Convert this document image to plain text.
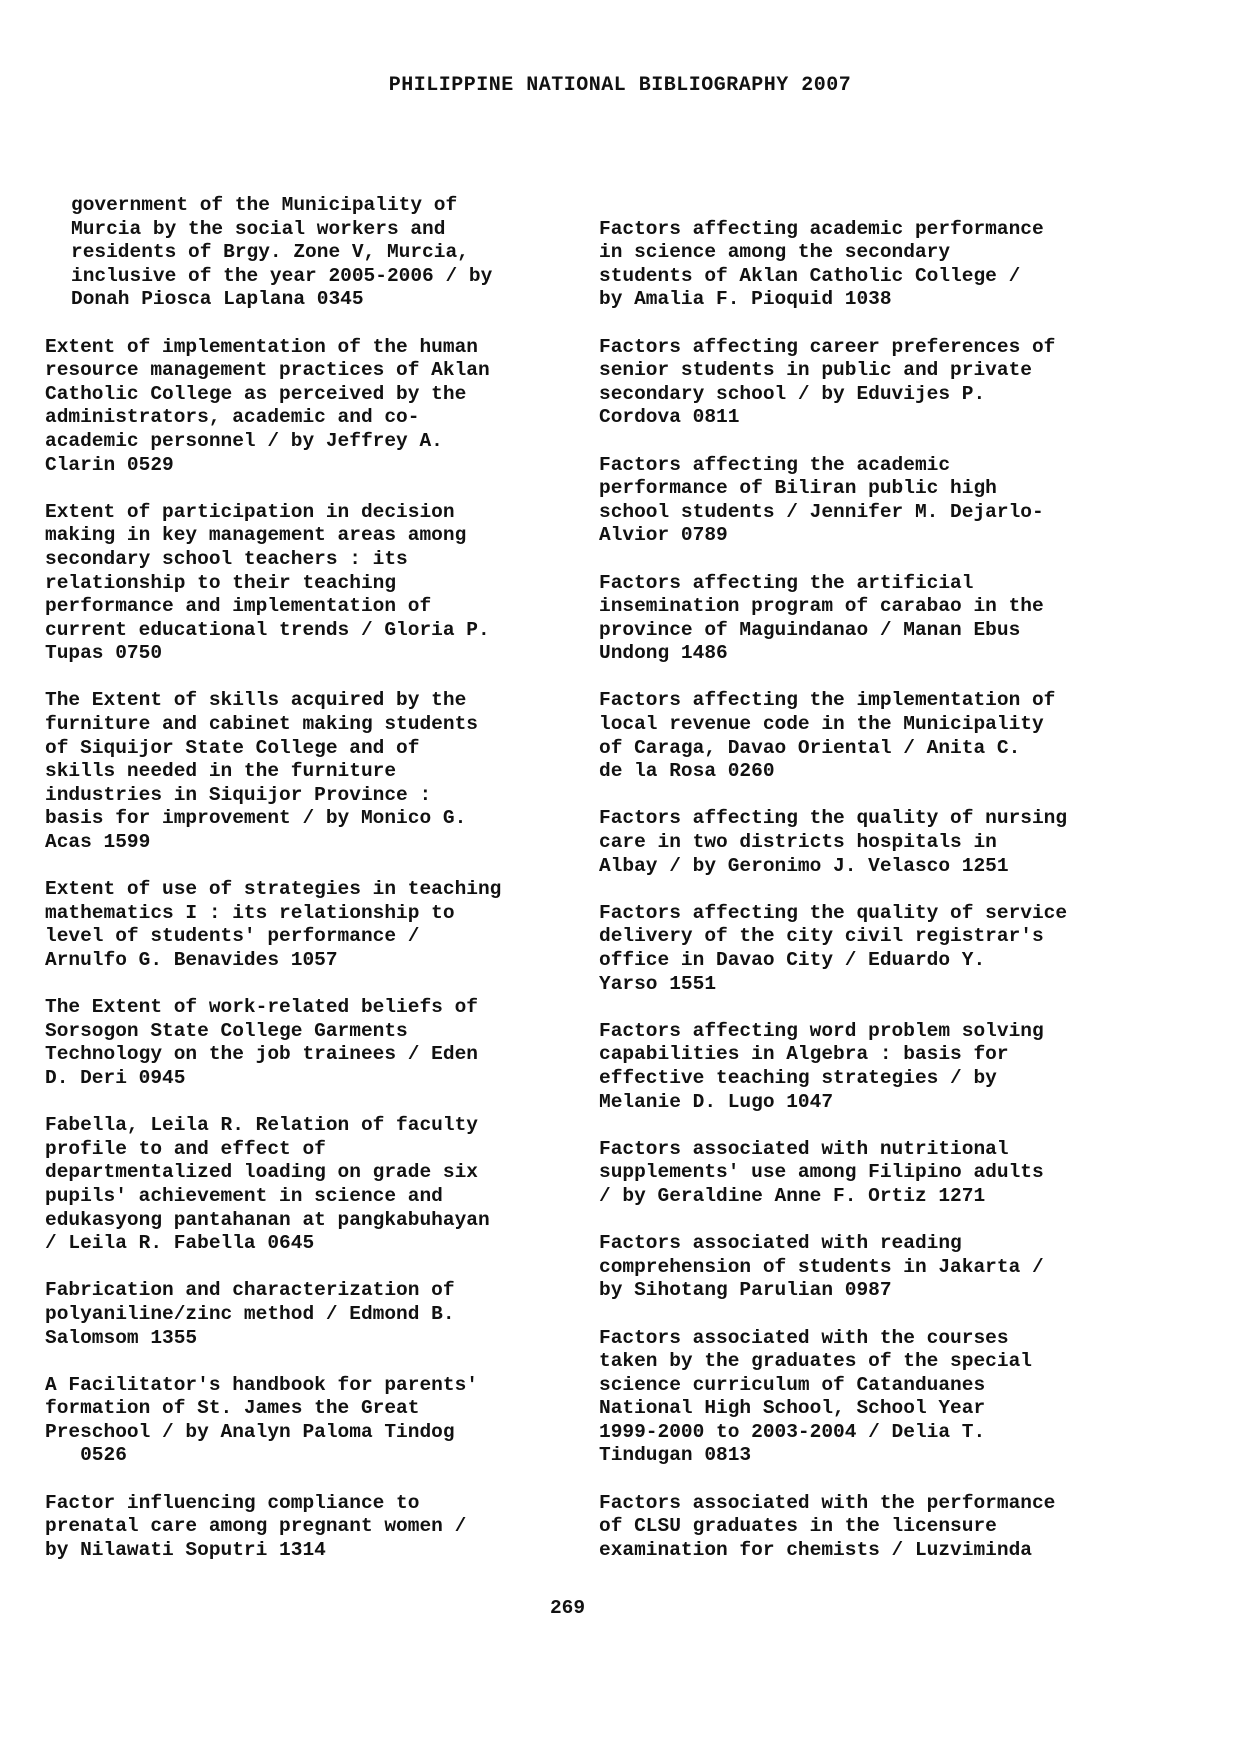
PHILIPPINE NATIONAL BIBLIOGRAPHY 2007
government of the Municipality of
Murcia by the social workers and
residents of Brgy. Zone V, Murcia,
inclusive of the year 2005-2006 / by
Donah Piosca Laplana 0345
Extent of implementation of the human
resource management practices of Aklan
Catholic College as perceived by the
administrators, academic and co-
academic personnel / by Jeffrey A.
Clarin 0529
Extent of participation in decision
making in key management areas among
secondary school teachers : its
relationship to their teaching
performance and implementation of
current educational trends / Gloria P.
Tupas 0750
The Extent of skills acquired by the
furniture and cabinet making students
of Siquijor State College and of
skills needed in the furniture
industries in Siquijor Province :
basis for improvement / by Monico G.
Acas 1599
Extent of use of strategies in teaching
mathematics I : its relationship to
level of students' performance /
Arnulfo G. Benavides 1057
The Extent of work-related beliefs of
Sorsogon State College Garments
Technology on the job trainees / Eden
D. Deri 0945
Fabella, Leila R. Relation of faculty
profile to and effect of
departmentalized loading on grade six
pupils' achievement in science and
edukasyong pantahanan at pangkabuhayan
/ Leila R. Fabella 0645
Fabrication and characterization of
polyaniline/zinc method / Edmond B.
Salomsom 1355
A Facilitator's handbook for parents'
formation of St. James the Great
Preschool / by Analyn Paloma Tindog
0526
Factor influencing compliance to
prenatal care among pregnant women /
by Nilawati Soputri 1314
Factors affecting academic performance
in science among the secondary
students of Aklan Catholic College /
by Amalia F. Pioquid 1038
Factors affecting career preferences of
senior students in public and private
secondary school / by Eduvijes P.
Cordova 0811
Factors affecting the academic
performance of Biliran public high
school students / Jennifer M. Dejarlo-
Alvior 0789
Factors affecting the artificial
insemination program of carabao in the
province of Maguindanao / Manan Ebus
Undong 1486
Factors affecting the implementation of
local revenue code in the Municipality
of Caraga, Davao Oriental / Anita C.
de la Rosa 0260
Factors affecting the quality of nursing
care in two districts hospitals in
Albay / by Geronimo J. Velasco 1251
Factors affecting the quality of service
delivery of the city civil registrar's
office in Davao City / Eduardo Y.
Yarso 1551
Factors affecting word problem solving
capabilities in Algebra : basis for
effective teaching strategies / by
Melanie D. Lugo 1047
Factors associated with nutritional
supplements' use among Filipino adults
/ by Geraldine Anne F. Ortiz 1271
Factors associated with reading
comprehension of students in Jakarta /
by Sihotang Parulian 0987
Factors associated with the courses
taken by the graduates of the special
science curriculum of Catanduanes
National High School, School Year
1999-2000 to 2003-2004 / Delia T.
Tindugan 0813
Factors associated with the performance
of CLSU graduates in the licensure
examination for chemists / Luzviminda
269
